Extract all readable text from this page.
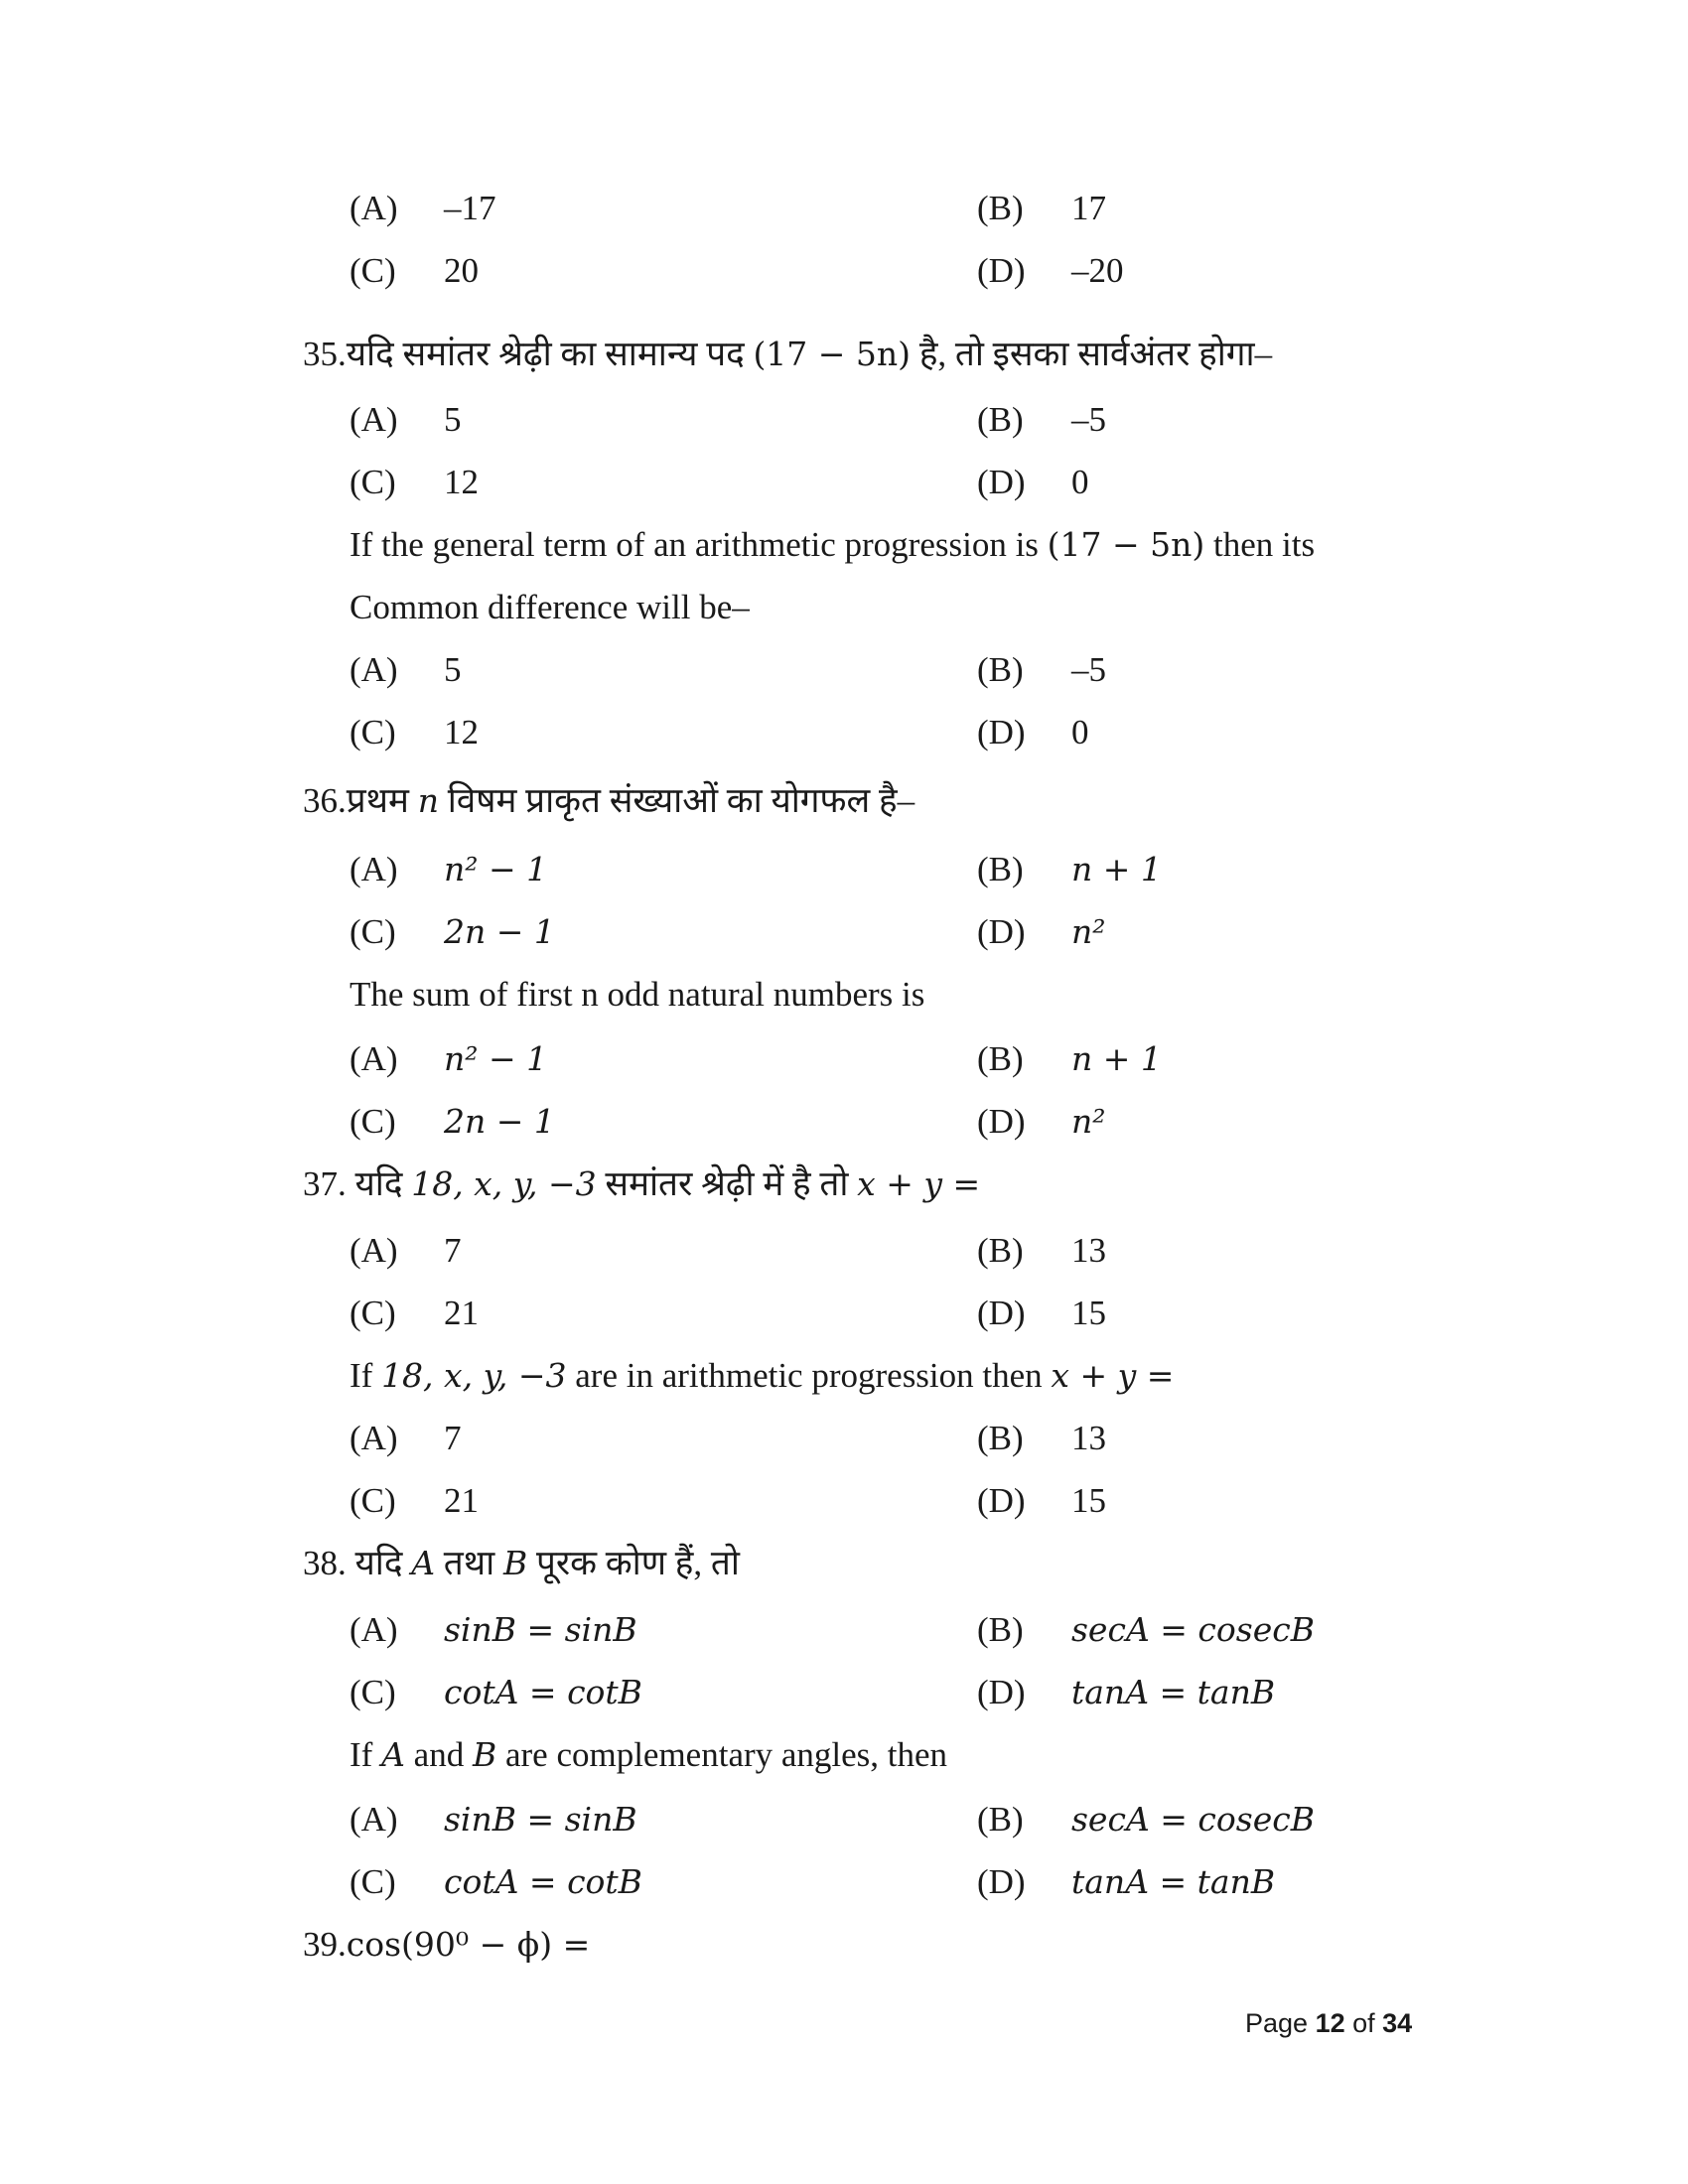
(A) –17	(B) 17
(C) 20	(D) –20
35.यदि समांतर श्रेढ़ी का सामान्य पद (17 − 5n) है, तो इसका सार्वअंतर होगा–
(A) 5	(B) –5
(C) 12	(D) 0
If the general term of an arithmetic progression is (17 − 5n) then its
Common difference will be–
(A) 5	(B) –5
(C) 12	(D) 0
36.प्रथम n विषम प्राकृत संख्याओं का योगफल है–
(A) n² − 1	(B) n + 1
(C) 2n − 1	(D) n²
The sum of first n odd natural numbers is
(A) n² − 1	(B) n + 1
(C) 2n − 1	(D) n²
37. यदि 18, x, y, −3 समांतर श्रेढ़ी में है तो x + y =
(A) 7	(B) 13
(C) 21	(D) 15
If 18, x, y, −3 are in arithmetic progression then x + y =
(A) 7	(B) 13
(C) 21	(D) 15
38. यदि A तथा B पूरक कोण हैं, तो
(A) sinB = sinB	(B) secA = cosecB
(C) cotA = cotB	(D) tanA = tanB
If A and B are complementary angles, then
(A) sinB = sinB	(B) secA = cosecB
(C) cotA = cotB	(D) tanA = tanB
39.cos(90⁰ − ϕ) =
Page 12 of 34
